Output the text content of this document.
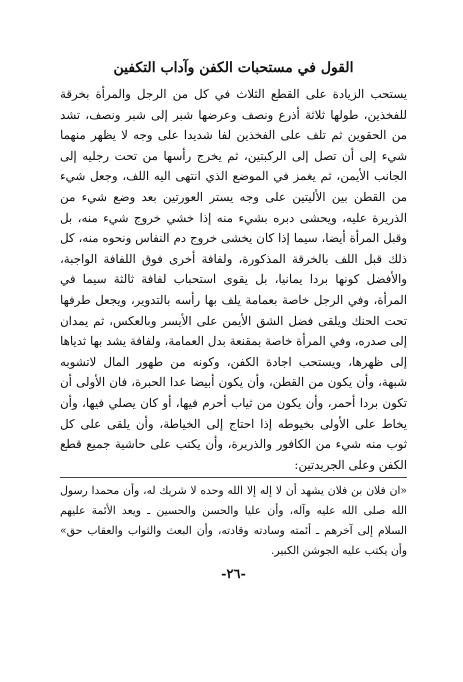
القول في مستحبات الكفن وآداب التكفين

يستحب الزيادة على القطع الثلاث في كل من الرجل والمرأة بخرقة للفخذين، طولها ثلاثة أذرع ونصف وعرضها شبر إلى شبر ونصف، تشد من الحقوين ثم تلف على الفخذين لفا شديدا على وجه لا يظهر منهما شيء إلى أن تصل إلى الركبتين، ثم يخرج رأسها من تحت رجليه إلى الجانب الأيمن، ثم يغمز في الموضع الذي انتهى اليه اللف، وجعل شيء من القطن بين الأليتين على وجه يستر العورتين بعد وضع شيء من الذريرة عليه، ويحشى دبره بشيء منه إذا خشي خروج شيء منه، بل وقبل المرأة أيضا، سيما إذا كان يخشى خروج دم النفاس ونحوه منه، كل ذلك قبل اللف بالخرقة المذكورة، ولفافة أخرى فوق اللفافة الواجبة، والأفضل كونها بردا يمانيا، بل يقوى استحباب لفافة ثالثة سيما في المرأة، وفي الرجل خاصة بعمامة يلف بها رأسه بالتدوير، ويجعل طرفها تحت الحنك ويلقى فضل الشق الأيمن على الأيسر وبالعكس، ثم يمدان إلى صدره، وفي المرأة خاصة بمقنعة بدل العمامة، ولفافة يشد بها ثدياها إلى ظهرها، ويستحب اجادة الكفن، وكونه من طهور المال لاتشوبه شبهة، وأن يكون من القطن، وأن يكون أبيضا عدا الحبرة، فان الأولى أن تكون بردا أحمر، وأن يكون من ثياب أحرم فيها، أو كان يصلي فيها، وأن يخاط على الأولى بخيوطه إذا احتاج إلى الخياطة، وأن يلقى على كل ثوب منه شيء من الكافور والذريرة، وأن يكتب على حاشية جميع قطع الكفن وعلى الجريدتين:

«ان فلان بن فلان يشهد أن لا إله إلا الله وحده لا شريك له، وأن محمدا رسول الله صلى الله عليه وآله، وأن عليا والحسن والحسين ـ ويعد الأئمة عليهم السلام إلى آخرهم ـ أئمته وسادته وقادته، وأن البعث والثواب والعقاب حق» وأن يكتب عليه الجوشن الكبير.
-٢٦-
